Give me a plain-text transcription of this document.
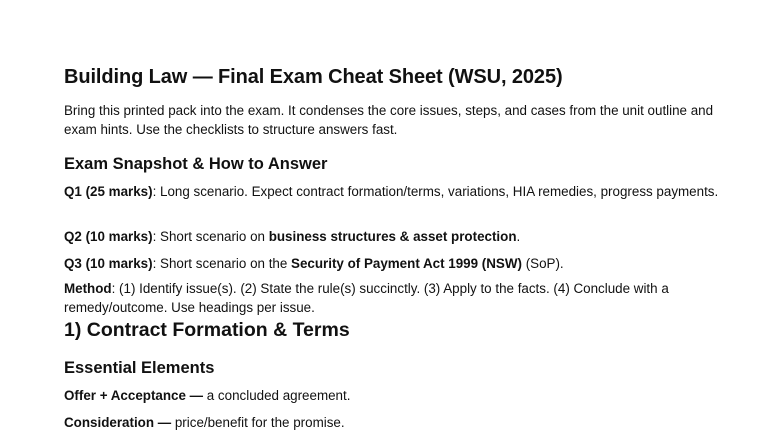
Building Law — Final Exam Cheat Sheet (WSU, 2025)

Bring this printed pack into the exam. It condenses the core issues, steps, and cases from the unit outline and exam hints. Use the checklists to structure answers fast.

Exam Snapshot & How to Answer

Q1 (25 marks): Long scenario. Expect contract formation/terms, variations, HIA remedies, progress payments.

Q2 (10 marks): Short scenario on business structures & asset protection.

Q3 (10 marks): Short scenario on the Security of Payment Act 1999 (NSW) (SoP).

Method: (1) Identify issue(s). (2) State the rule(s) succinctly. (3) Apply to the facts. (4) Conclude with a remedy/outcome. Use headings per issue.

1) Contract Formation & Terms
Essential Elements

Offer + Acceptance — a concluded agreement.

Consideration — price/benefit for the promise.
